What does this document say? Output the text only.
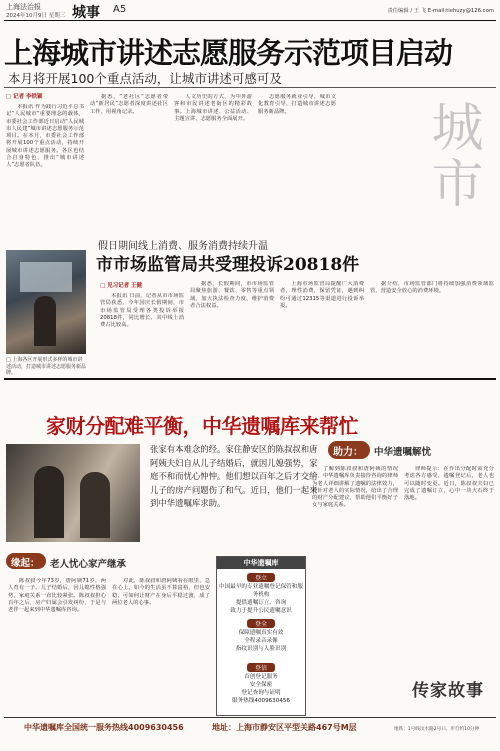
上海法治报
2024年10月9日 星期三 城事 A5	责任编辑 / 王 飞 E-mail:tiehuzy@126.com
上海城市讲述志愿服务示范项目启动
本月将开展100个重点活动，让城市讲述可感可及
□ 记者 李铁颖

本报讯 作为践行习近平总书记“人民城市”重要理念的载体，市委社会工作部近日启动“人民城市人民建”城市讲述志愿服务示范项目。在本月，市委社会工作部将开展100个重点活动，持续开展城市讲述志愿服务。各区也结合自身特色，推出“城市讲述人”志愿者队伍。

据悉，“老社区”志愿者带动“新居民”志愿者深度讲述社区工作，用视角记录。

人文历史的方式，为中外游客和市民讲述老街区的精彩故事。上海城市讲述、公益活动、主题宣讲、志愿服务全面展开。

志愿服务就业引导，城市文化教育引导，打造城市讲述志愿服务新品牌。	城市
□ 上海各区开展形式多样的城市讲述活动，打造城市讲述志愿服务新品牌。
假日期间线上消费、服务消费持续升温
市市场监管局共受理投诉20818件
□ 见习记者 王健

本报讯 日前，记者从市市场监管局获悉，今年国庆长假期间，市市场监管局受理各类投诉举报20818件，同比增长，其中线上消费占比较高。

据悉，长假期间，市市场监管局聚焦旅游、餐饮、零售等重点领域，加大执法检查力度，维护消费者合法权益。

上海市场监管局提醒广大消费者，理性消费，保留凭证，遇到纠纷可通过12315等渠道进行投诉举报。

据介绍，市场监管部门将持续加强消费领域监管，营造安全放心的消费环境。

家财分配难平衡，中华遗嘱库来帮忙
助力： 中华遗嘱解忧
张家有本难念的经。家住静安区的陈叔叔和唐阿姨夫妇自从儿子结婚后，就因儿媳强势，家庭不和而忧心忡忡。他们想以百年之后才交给儿子的房产问题伤了和气。近日，他们一起来到中华遗嘱库求助。
缘起： 老人忧心家产继承

陈叔叔今年73岁，唐阿姨71岁，两人育有一子。儿子结婚后，因儿媳性格强势，家庭关系一直比较紧张。陈叔叔担心百年之后，房产归属会引发纠纷，于是与老伴一起来到中华遗嘱库咨询。

对此，陈叔叔和唐阿姨看在眼里，急在心上。如今的生活虽不算富裕，但也安稳，可如何让财产在身后平稳过渡，成了两位老人的心事。

中华遗嘱库
登立
中国最早的专业遗嘱登记保管和服务机构
提供遗嘱订立、咨询
致力于提升公民遗嘱意识
登全
保障遗嘱真实有效
全程录音录像
指纹识别与人脸识别
登信
首创登记服务
安全保密
登记查询与证明
服务热线4009630456

了解到陈叔叔和唐阿姨的情况后，中华遗嘱库负责接待咨询的律师为老人详细讲解了遗嘱的法律效力，并针对老人的实际情况，给出了合理的财产分配建议，帮助他们平衡好子女与家庭关系。

律师提示：在作出分配时需充分考虑各方感受，遗嘱登记后，老人也可以随时变更。近日，陈叔叔夫妇已完成了遗嘱订立，心中一块大石终于落地。

传家故事
中华遗嘱库全国统一服务热线4009630456	地址：上海市静安区平型关路467号M层	地铁：1号线汶水路2号口，步行约10分钟
